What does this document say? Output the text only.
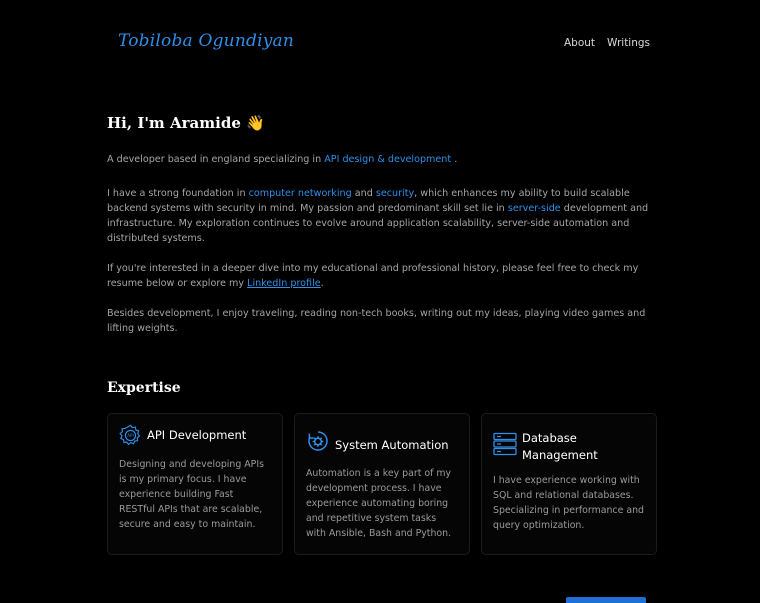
Tobiloba Ogundiyan	About Writings
Hi, I'm Aramide 👋

A developer based in england specializing in API design & development .

I have a strong foundation in computer networking and security, which enhances my ability to build scalable backend systems with security in mind. My passion and predominant skill set lie in server-side development and infrastructure. My exploration continues to evolve around application scalability, server-side automation and distributed systems.

If you're interested in a deeper dive into my educational and professional history, please feel free to check my resume below or explore my LinkedIn profile.

Besides development, I enjoy traveling, reading non-tech books, writing out my ideas, playing video games and lifting weights.

Expertise
API API Development
Designing and developing APIs is my primary focus. I have experience building Fast RESTful APIs that are scalable, secure and easy to maintain.
System Automation
Automation is a key part of my development process. I have experience automating boring and repetitive system tasks with Ansible, Bash and Python.
Database Management
I have experience working with SQL and relational databases. Specializing in performance and query optimization.
